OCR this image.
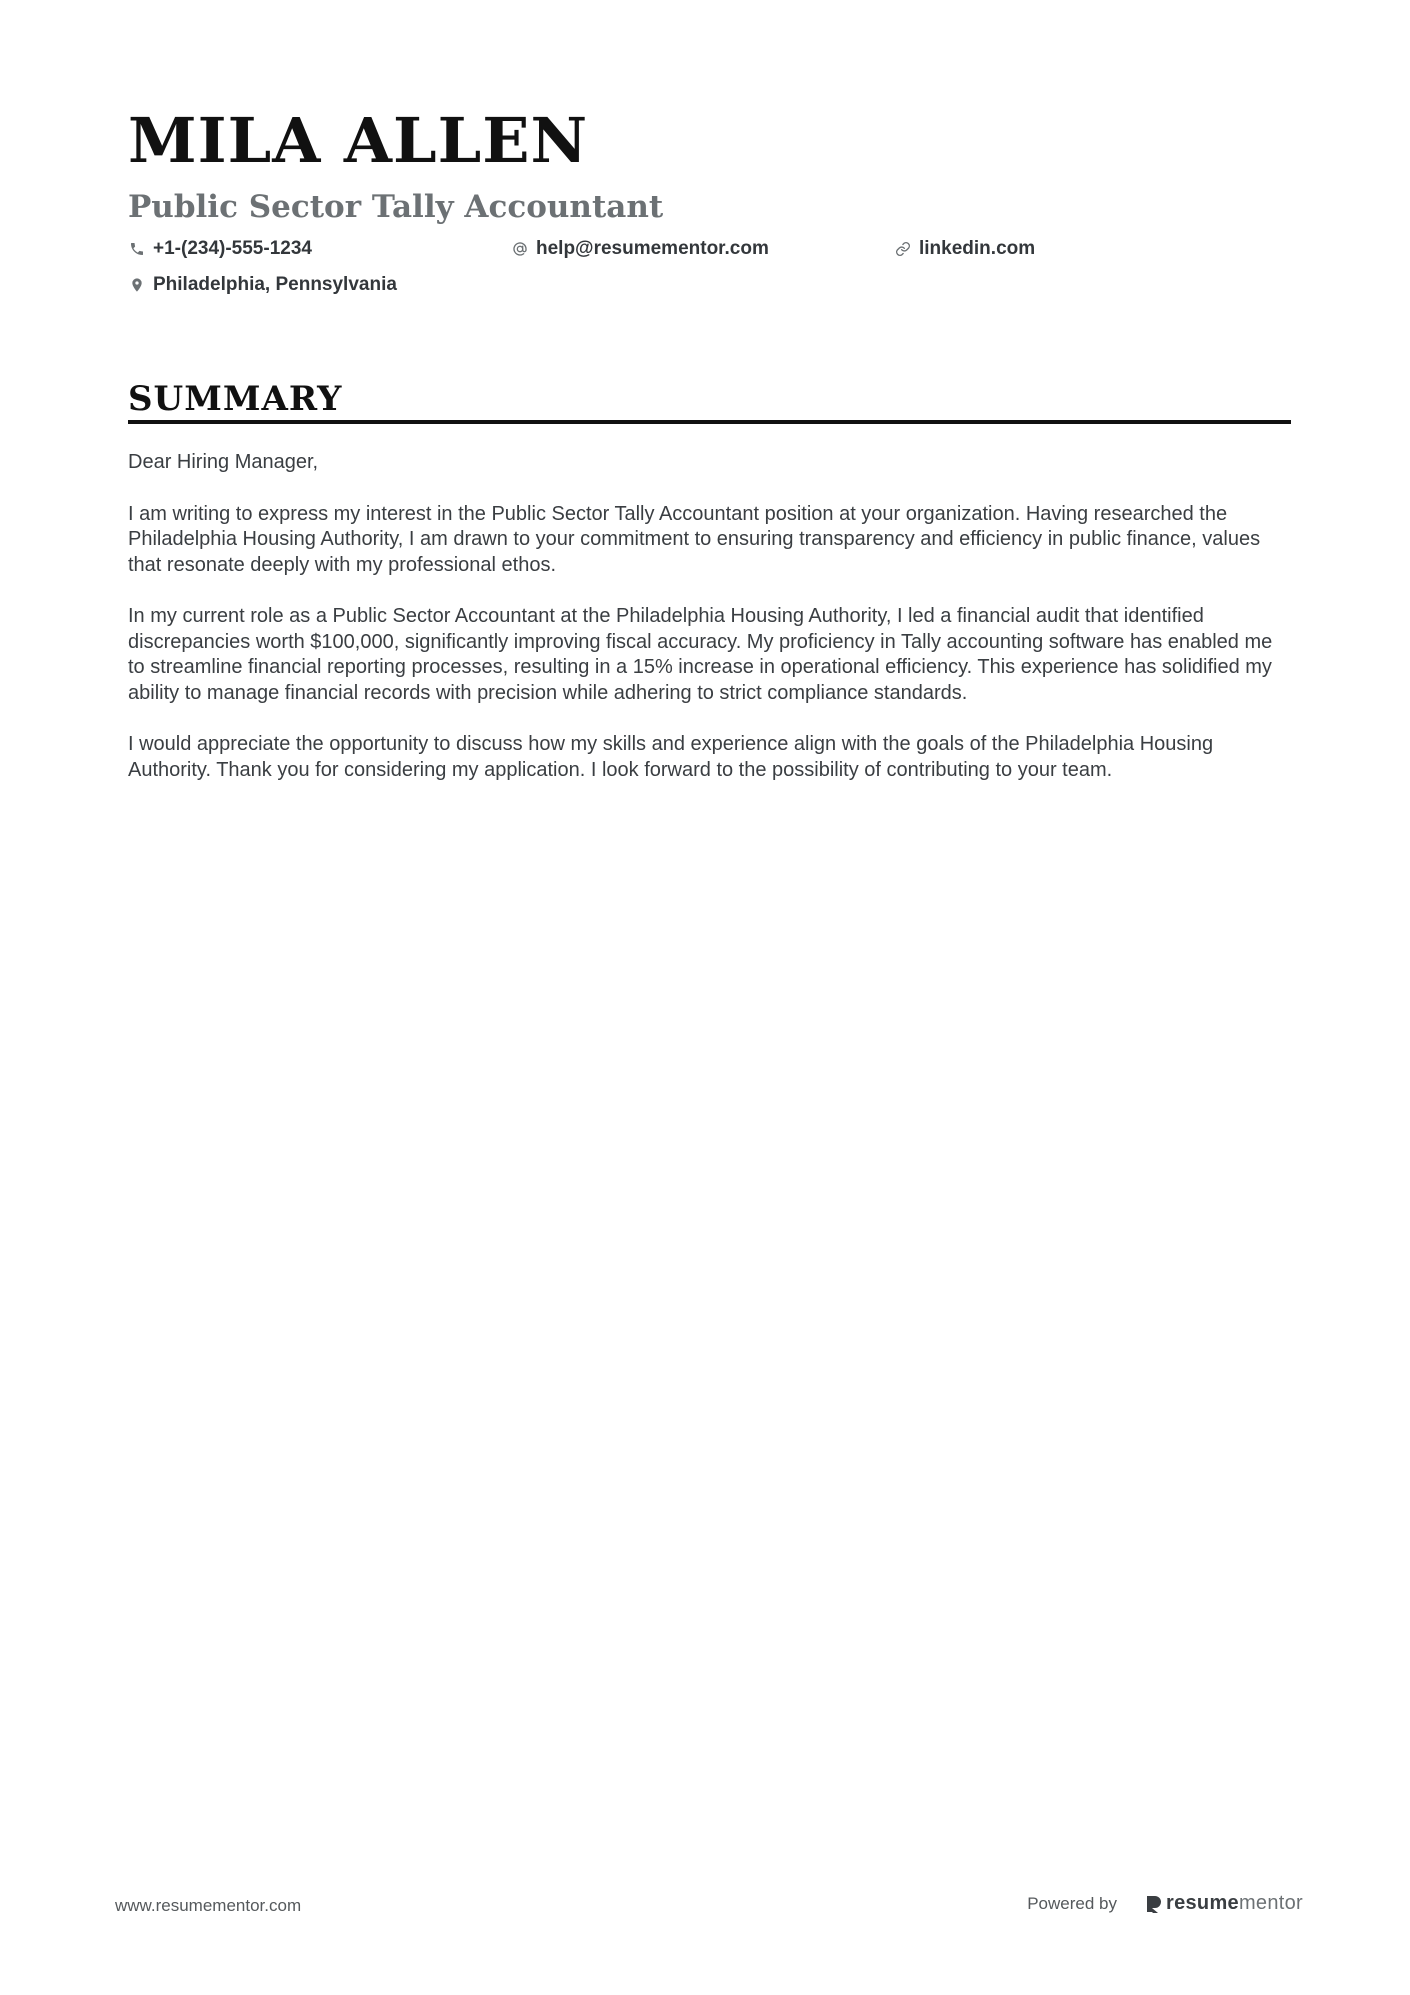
MILA ALLEN
Public Sector Tally Accountant
+1-(234)-555-1234	help@resumementor.com	linkedin.com
Philadelphia, Pennsylvania
SUMMARY

Dear Hiring Manager,

I am writing to express my interest in the Public Sector Tally Accountant position at your organization. Having researched the Philadelphia Housing Authority, I am drawn to your commitment to ensuring transparency and efficiency in public finance, values that resonate deeply with my professional ethos.

In my current role as a Public Sector Accountant at the Philadelphia Housing Authority, I led a financial audit that identified discrepancies worth $100,000, significantly improving fiscal accuracy. My proficiency in Tally accounting software has enabled me to streamline financial reporting processes, resulting in a 15% increase in operational efficiency. This experience has solidified my ability to manage financial records with precision while adhering to strict compliance standards.

I would appreciate the opportunity to discuss how my skills and experience align with the goals of the Philadelphia Housing Authority. Thank you for considering my application. I look forward to the possibility of contributing to your team.

www.resumementor.com	Powered by resume mentor
